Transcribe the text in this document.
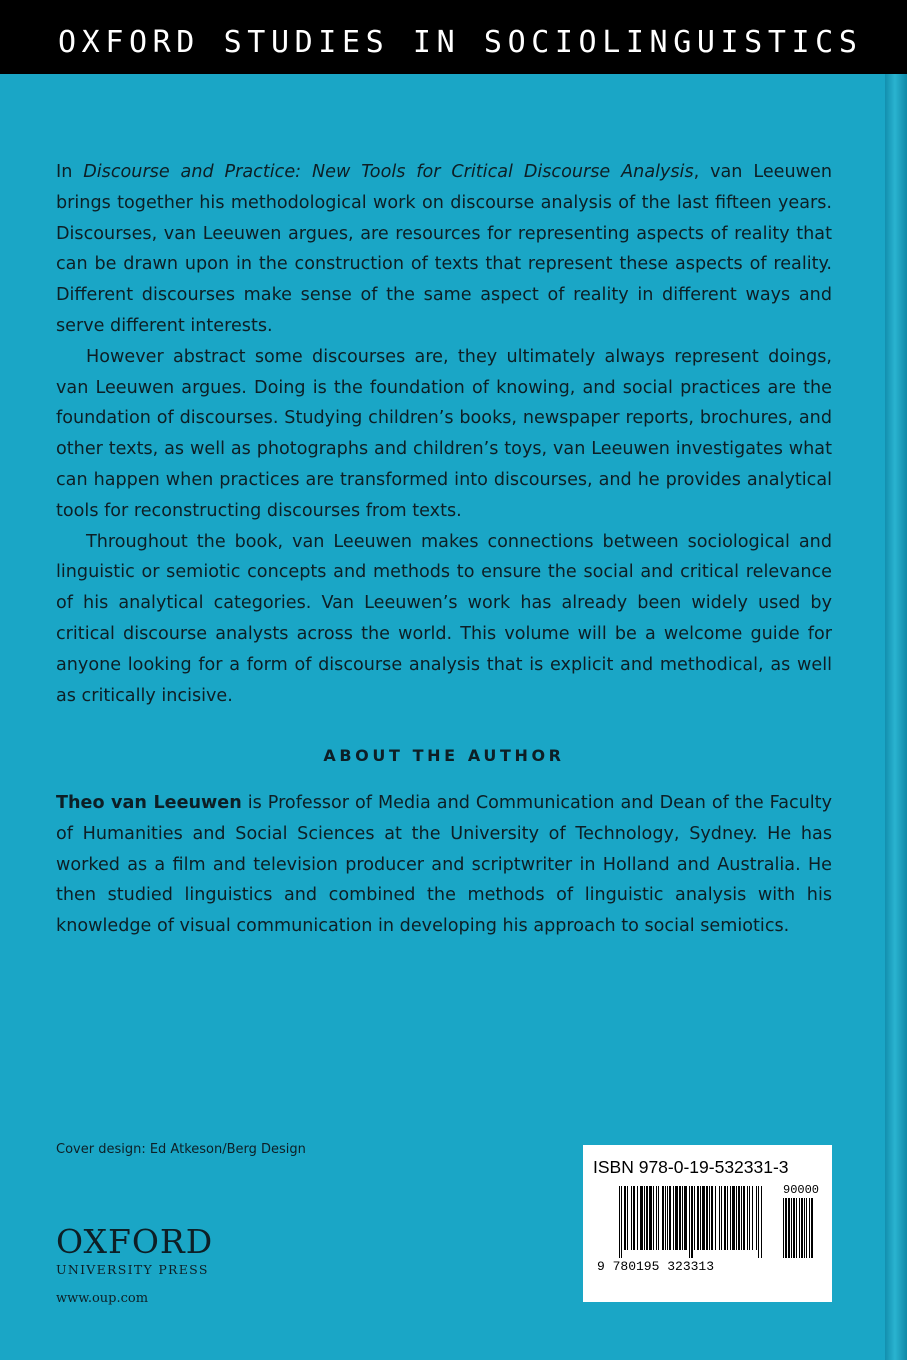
OXFORD STUDIES IN SOCIOLINGUISTICS

In Discourse and Practice: New Tools for Critical Discourse Analysis, van Leeuwen brings together his methodological work on discourse analysis of the last fifteen years. Discourses, van Leeuwen argues, are resources for representing aspects of reality that can be drawn upon in the construction of texts that represent these aspects of reality. Different discourses make sense of the same aspect of reality in different ways and serve different interests.

However abstract some discourses are, they ultimately always represent doings, van Leeuwen argues. Doing is the foundation of knowing, and social practices are the foundation of discourses. Studying children’s books, newspaper reports, brochures, and other texts, as well as photographs and children’s toys, van Leeuwen investigates what can happen when practices are transformed into discourses, and he provides analytical tools for reconstructing discourses from texts.

Throughout the book, van Leeuwen makes connections between sociological and linguistic or semiotic concepts and methods to ensure the social and critical relevance of his analytical categories. Van Leeuwen’s work has already been widely used by critical discourse analysts across the world. This volume will be a welcome guide for anyone looking for a form of discourse analysis that is explicit and methodical, as well as critically incisive.

ABOUT THE AUTHOR

Theo van Leeuwen is Professor of Media and Communication and Dean of the Faculty of Humanities and Social Sciences at the University of Technology, Sydney. He has worked as a film and television producer and scriptwriter in Holland and Australia. He then studied linguistics and combined the methods of linguistic analysis with his knowledge of visual communication in developing his approach to social semiotics.

Cover design: Ed Atkeson/Berg Design
OXFORD
UNIVERSITY PRESS
www.oup.com
ISBN 978-0-19-532331-3
90000
9 780195 323313
